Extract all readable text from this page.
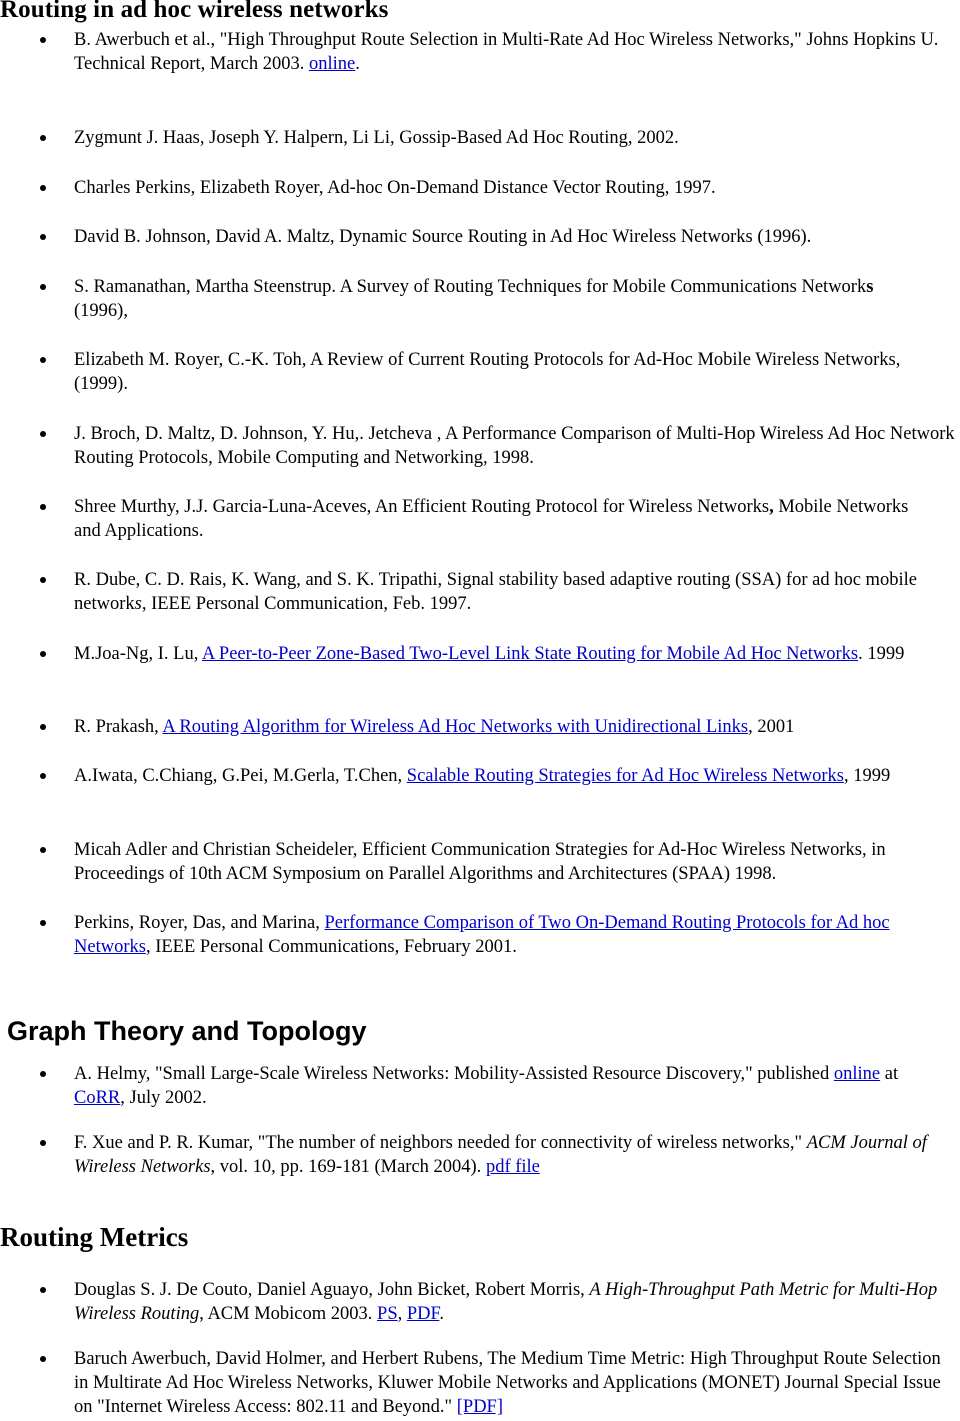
Routing in ad hoc wireless networks

B. Awerbuch et al., "High Throughput Route Selection in Multi-Rate Ad Hoc Wireless Networks," Johns Hopkins U. Technical Report, March 2003. online.

Zygmunt J. Haas, Joseph Y. Halpern, Li Li, Gossip-Based Ad Hoc Routing, 2002.

Charles Perkins, Elizabeth Royer, Ad-hoc On-Demand Distance Vector Routing, 1997.

David B. Johnson, David A. Maltz, Dynamic Source Routing in Ad Hoc Wireless Networks (1996).

S. Ramanathan, Martha Steenstrup. A Survey of Routing Techniques for Mobile Communications Networks (1996),

Elizabeth M. Royer, C.-K. Toh, A Review of Current Routing Protocols for Ad-Hoc Mobile Wireless Networks, (1999).

J. Broch, D. Maltz, D. Johnson, Y. Hu,. Jetcheva , A Performance Comparison of Multi-Hop Wireless Ad Hoc Network Routing Protocols, Mobile Computing and Networking, 1998.

Shree Murthy, J.J. Garcia-Luna-Aceves, An Efficient Routing Protocol for Wireless Networks, Mobile Networks and Applications.

R. Dube, C. D. Rais, K. Wang, and S. K. Tripathi, Signal stability based adaptive routing (SSA) for ad hoc mobile networks, IEEE Personal Communication, Feb. 1997.

M.Joa-Ng, I. Lu, A Peer-to-Peer Zone-Based Two-Level Link State Routing for Mobile Ad Hoc Networks. 1999

R. Prakash, A Routing Algorithm for Wireless Ad Hoc Networks with Unidirectional Links, 2001

A.Iwata, C.Chiang, G.Pei, M.Gerla, T.Chen, Scalable Routing Strategies for Ad Hoc Wireless Networks, 1999

Micah Adler and Christian Scheideler, Efficient Communication Strategies for Ad-Hoc Wireless Networks, in Proceedings of 10th ACM Symposium on Parallel Algorithms and Architectures (SPAA) 1998.

Perkins, Royer, Das, and Marina, Performance Comparison of Two On-Demand Routing Protocols for Ad hoc Networks, IEEE Personal Communications, February 2001.

Graph Theory and Topology

A. Helmy, "Small Large-Scale Wireless Networks: Mobility-Assisted Resource Discovery," published online at CoRR, July 2002.

F. Xue and P. R. Kumar, "The number of neighbors needed for connectivity of wireless networks," ACM Journal of Wireless Networks, vol. 10, pp. 169-181 (March 2004). pdf file

Routing Metrics

Douglas S. J. De Couto, Daniel Aguayo, John Bicket, Robert Morris, A High-Throughput Path Metric for Multi-Hop Wireless Routing, ACM Mobicom 2003. PS, PDF.

Baruch Awerbuch, David Holmer, and Herbert Rubens, The Medium Time Metric: High Throughput Route Selection in Multirate Ad Hoc Wireless Networks, Kluwer Mobile Networks and Applications (MONET) Journal Special Issue on "Internet Wireless Access: 802.11 and Beyond." [PDF]
